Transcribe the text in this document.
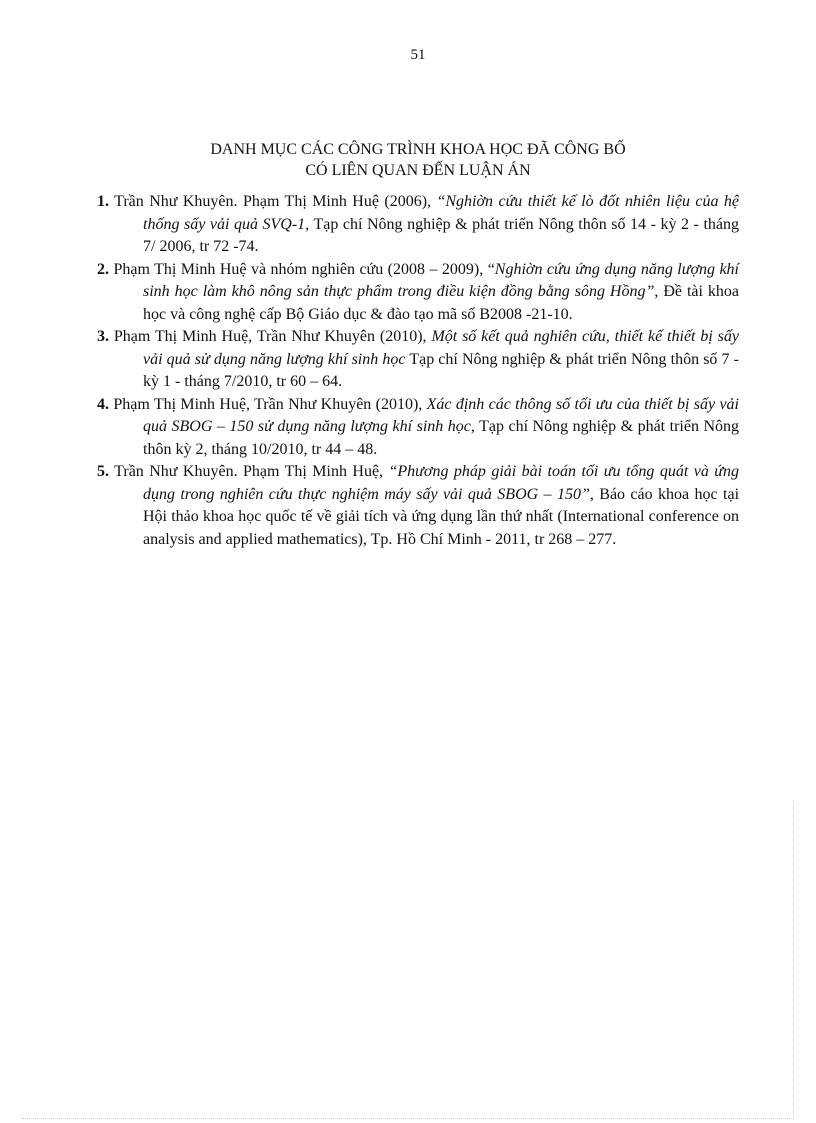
51
DANH MỤC CÁC CÔNG TRÌNH KHOA HỌC ĐÃ CÔNG BỐ
CÓ LIÊN QUAN ĐẾN LUẬN ÁN
1. Trần Như Khuyên. Phạm Thị Minh Huệ (2006), “Nghiờn cứu thiết kế lò đốt nhiên liệu của hệ thống sấy vải quả SVQ-1, Tạp chí Nông nghiệp & phát triển Nông thôn số 14 - kỳ 2 - tháng 7/ 2006, tr 72 -74.
2. Phạm Thị Minh Huệ và nhóm nghiên cứu (2008 – 2009), “Nghiờn cứu ứng dụng năng lượng khí sinh học làm khô nông sản thực phẩm trong điều kiện đồng bằng sông Hồng”, Đề tài khoa học và công nghệ cấp Bộ Giáo dục & đào tạo mã số B2008 -21-10.
3. Phạm Thị Minh Huệ, Trần Như Khuyên (2010), Một số kết quả nghiên cứu, thiết kế thiết bị sấy vải quả sử dụng năng lượng khí sinh học Tạp chí Nông nghiệp & phát triển Nông thôn số 7 - kỳ 1 - tháng 7/2010, tr 60 – 64.
4. Phạm Thị Minh Huệ, Trần Như Khuyên (2010), Xác định các thông số tối ưu của thiết bị sấy vải quả SBOG – 150 sử dụng năng lượng khí sinh học, Tạp chí Nông nghiệp & phát triển Nông thôn kỳ 2, tháng 10/2010, tr 44 – 48.
5. Trần Như Khuyên. Phạm Thị Minh Huệ, “Phương pháp giải bài toán tối ưu tổng quát và ứng dụng trong nghiên cứu thực nghiệm máy sấy vải quả SBOG – 150”, Báo cáo khoa học tại Hội thảo khoa học quốc tế về giải tích và ứng dụng lần thứ nhất (International conference on analysis and applied mathematics), Tp. Hồ Chí Minh - 2011, tr 268 – 277.
